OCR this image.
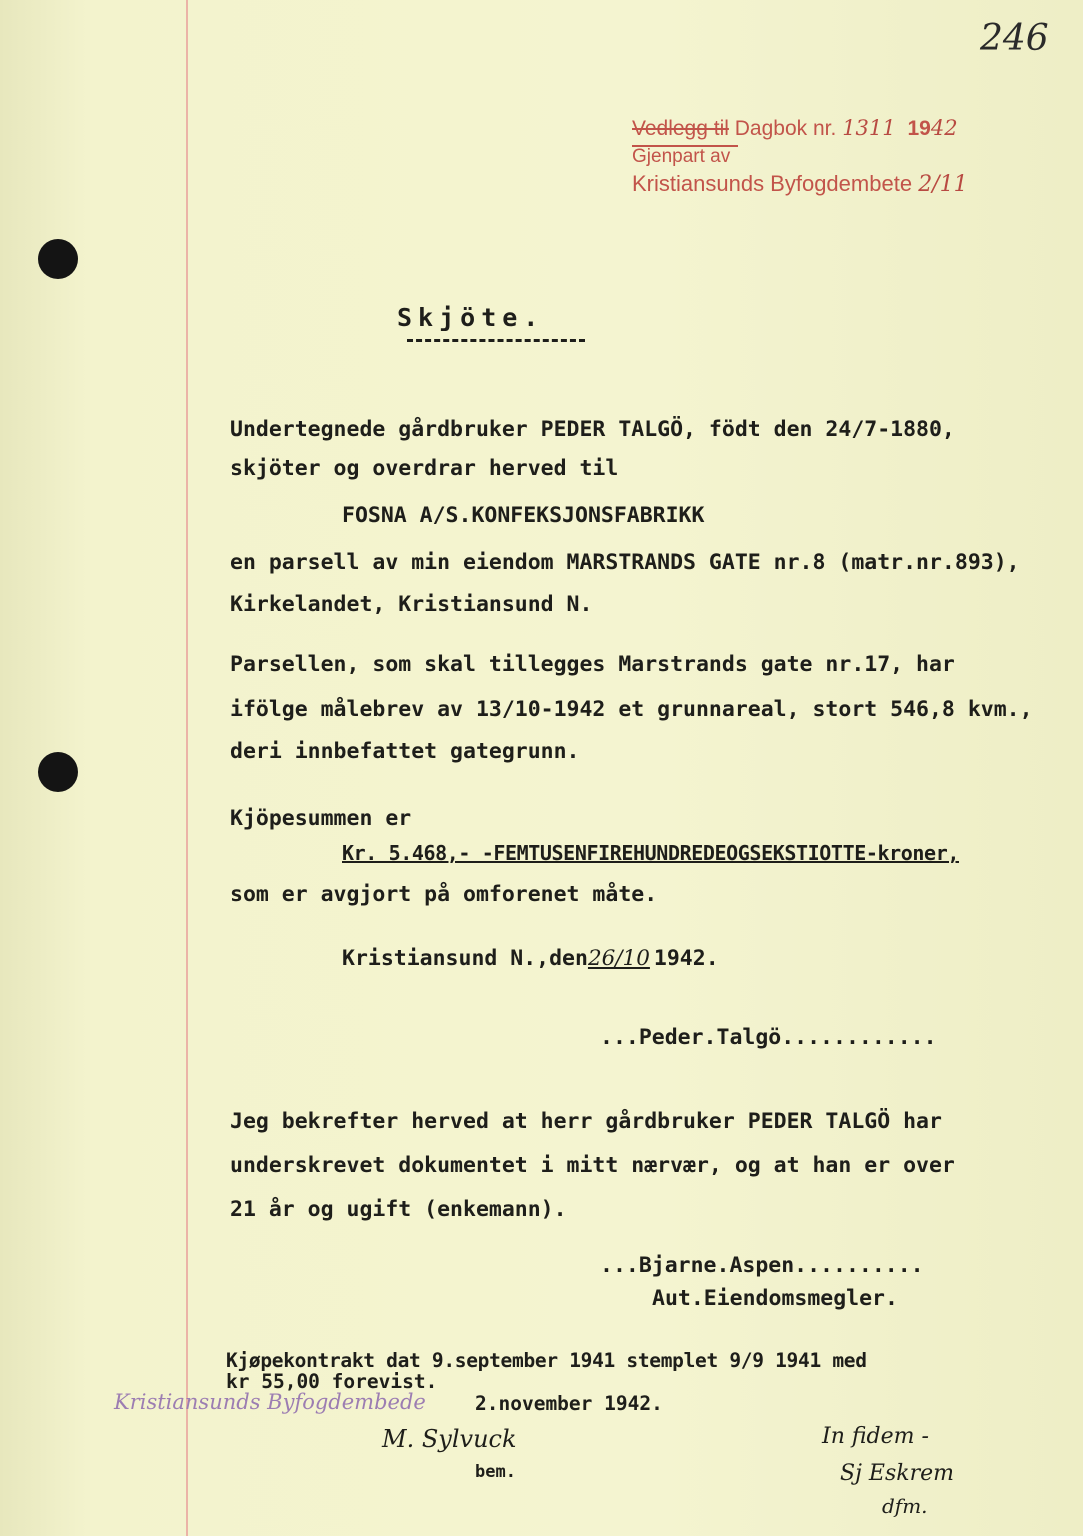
246
Vedlegg til Dagbok nr. 1311 1942
Gjenpart av
Kristiansunds Byfogdembete 2/11
Skjöte.
Undertegnede gårdbruker PEDER TALGÖ, födt den 24/7-1880,
skjöter og overdrar herved til
FOSNA A/S.KONFEKSJONSFABRIKK
en parsell av min eiendom MARSTRANDS GATE nr.8 (matr.nr.893),
Kirkelandet, Kristiansund N.
Parsellen, som skal tillegges Marstrands gate nr.17, har
ifölge målebrev av 13/10-1942 et grunnareal, stort 546,8 kvm.,
deri innbefattet gategrunn.
Kjöpesummen er
Kr. 5.468,- -FEMTUSENFIREHUNDREDEOGSEKSTIOTTE-kroner,
som er avgjort på omforenet måte.
Kristiansund N.,den26/10 1942.
...Peder.Talgö............
Jeg bekrefter herved at herr gårdbruker PEDER TALGÖ har
underskrevet dokumentet i mitt nærvær, og at han er over
21 år og ugift (enkemann).
...Bjarne.Aspen..........
Aut.Eiendomsmegler.
Kjøpekontrakt dat 9.september 1941 stemplet 9/9 1941 med
kr 55,00 forevist.
Kristiansunds Byfogdembede	2.november 1942.
M. Sylvuck
bem.
In fidem -
Sj Eskrem
dfm.
